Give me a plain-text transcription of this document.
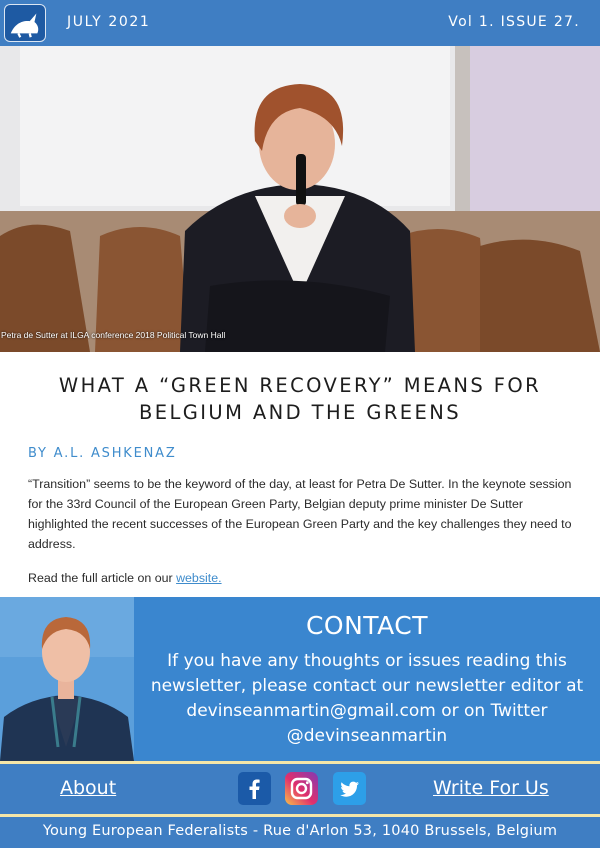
JULY 2021	Vol 1. ISSUE 27.
Petra de Sutter at ILGA conference 2018 Political Town Hall
WHAT A “GREEN RECOVERY” MEANS FOR BELGIUM AND THE GREENS
BY A.L. ASHKENAZ
“Transition” seems to be the keyword of the day, at least for Petra De Sutter. In the keynote session for the 33rd Council of the European Green Party, Belgian deputy prime minister De Sutter highlighted the recent successes of the European Green Party and the key challenges they need to address.
Read the full article on our website.
CONTACT
If you have any thoughts or issues reading this newsletter, please contact our newsletter editor at devinseanmartin@gmail.com or on Twitter @devinseanmartin
About	Write For Us
Young European Federalists - Rue d'Arlon 53, 1040 Brussels, Belgium
